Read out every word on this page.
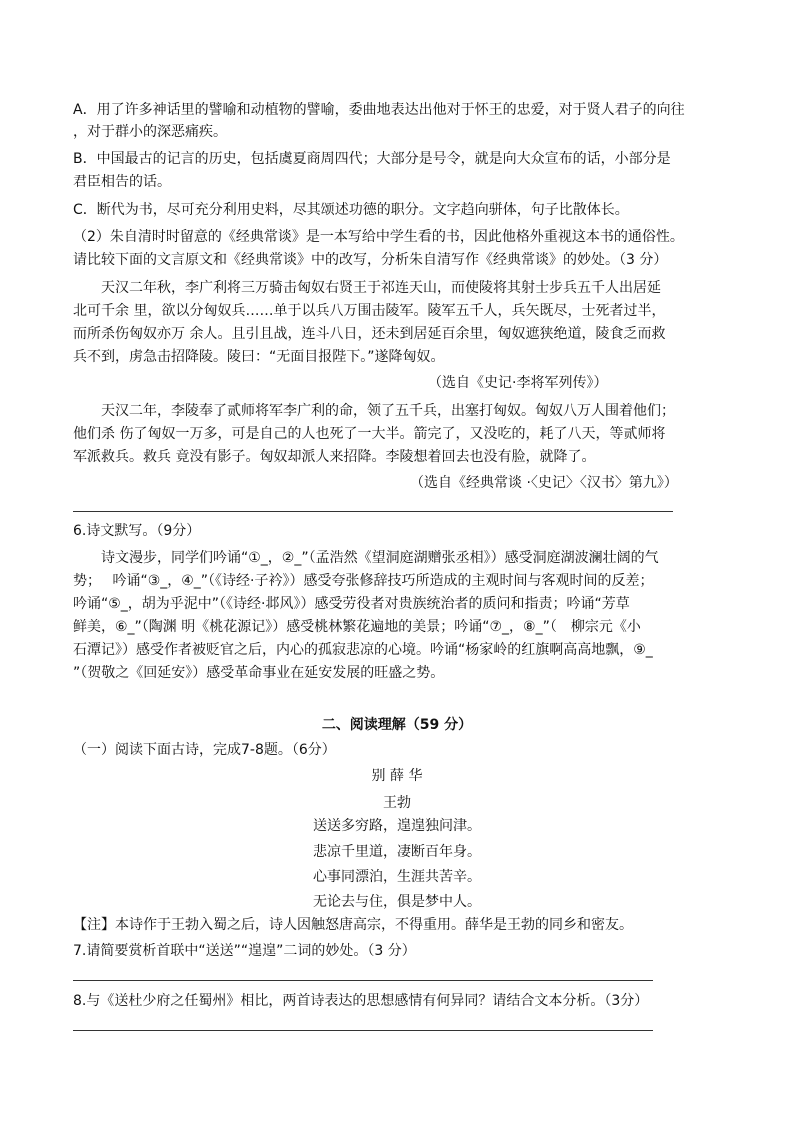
A．用了许多神话里的譬喻和动植物的譬喻，委曲地表达出他对于怀王的忠爱，对于贤人君子的向往
，对于群小的深恶痛疾。
B．中国最古的记言的历史，包括虞夏商周四代；大部分是号令，就是向大众宣布的话，小部分是
君臣相告的话。
C．断代为书，尽可充分利用史料，尽其颂述功德的职分。文字趋向骈体，句子比散体长。
（2）朱自清时时留意的《经典常谈》是一本写给中学生看的书，因此他格外重视这本书的通俗性。
请比较下面的文言原文和《经典常谈》中的改写，分析朱自清写作《经典常谈》的妙处。（3 分）
天汉二年秋，李广利将三万骑击匈奴右贤王于祁连天山，而使陵将其射士步兵五千人出居延
北可千余 里，欲以分匈奴兵……单于以兵八万围击陵军。陵军五千人，兵矢既尽，士死者过半，
而所杀伤匈奴亦万 余人。且引且战，连斗八日，还未到居延百余里，匈奴遮狭绝道，陵食乏而救
兵不到，虏急击招降陵。陵曰：“无面目报陛下。”遂降匈奴。
（选自《史记·李将军列传》）
天汉二年，李陵奉了贰师将军李广利的命，领了五千兵，出塞打匈奴。匈奴八万人围着他们；
他们杀 伤了匈奴一万多，可是自己的人也死了一大半。箭完了，又没吃的，耗了八天，等贰师将
军派救兵。救兵 竟没有影子。匈奴却派人来招降。李陵想着回去也没有脸，就降了。
（选自《经典常谈 ·〈史记〉〈汉书〉第九》）
6.诗文默写。（9分）
诗文漫步，同学们吟诵“①_，②_”（孟浩然《望洞庭湖赠张丞相》）感受洞庭湖波澜壮阔的气
势；　 吟诵“③_，④_”（《诗经·子衿》）感受夸张修辞技巧所造成的主观时间与客观时间的反差；
吟诵“⑤_，胡为乎泥中”（《诗经·邶风》）感受劳役者对贵族统治者的质问和指责；吟诵“芳草
鲜美，⑥_”（陶渊 明《桃花源记》）感受桃林繁花遍地的美景；吟诵“⑦_，⑧_”（　柳宗元《小
石潭记》）感受作者被贬官之后，内心的孤寂悲凉的心境。吟诵“杨家岭的红旗啊高高地飘，⑨_
”（贺敬之《回延安》）感受革命事业在延安发展的旺盛之势。
二、阅读理解（59 分）
（一）阅读下面古诗，完成7-8题。（6分）
别 薛 华
王勃
送送多穷路，遑遑独问津。
悲凉千里道，凄断百年身。
心事同漂泊，生涯共苦辛。
无论去与住，俱是梦中人。
【注】本诗作于王勃入蜀之后，诗人因触怒唐高宗，不得重用。薛华是王勃的同乡和密友。
7.请简要赏析首联中“送送”“遑遑”二词的妙处。（3 分）
8.与《送杜少府之任蜀州》相比，两首诗表达的思想感情有何异同？请结合文本分析。（3分）
